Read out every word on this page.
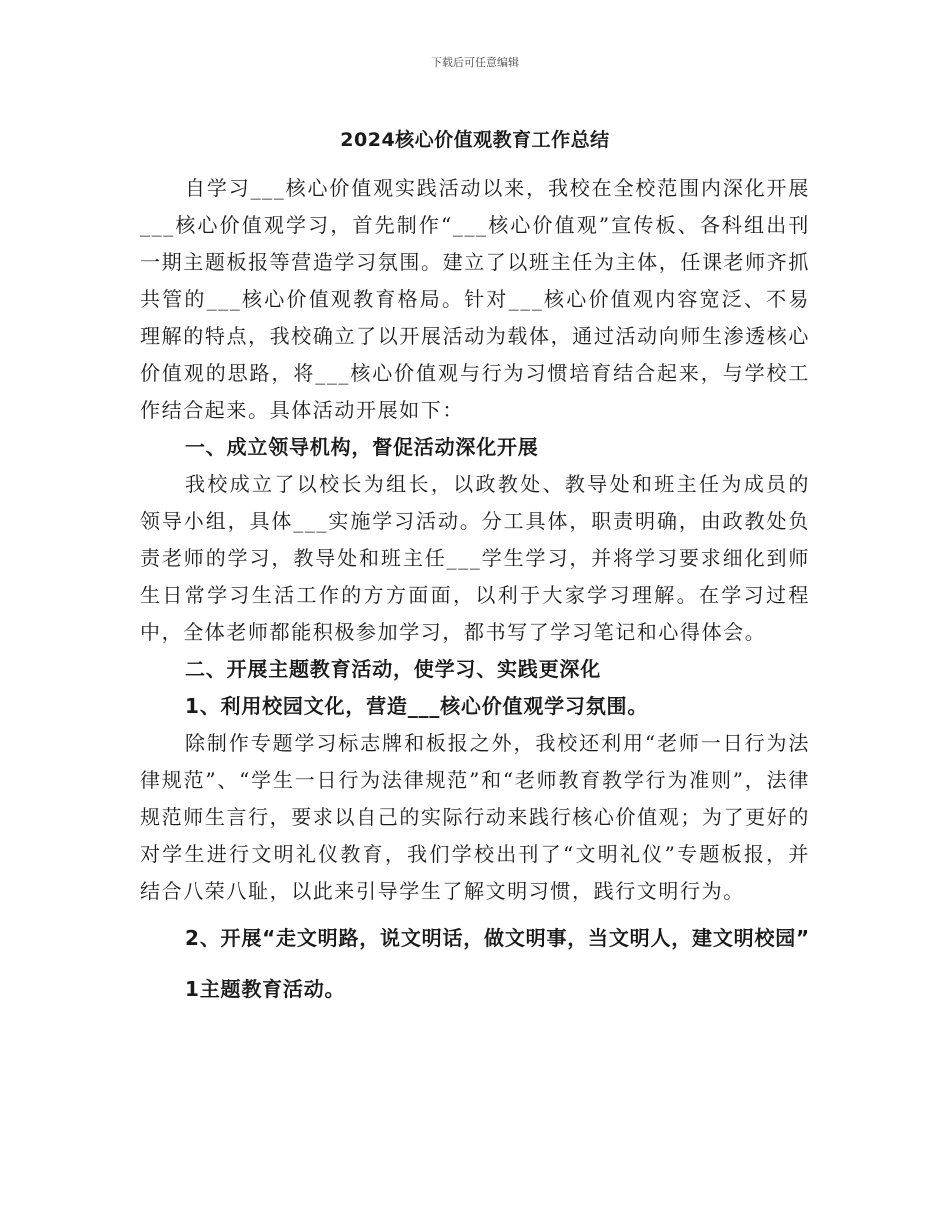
下载后可任意编辑
2024核心价值观教育工作总结

自学习___核心价值观实践活动以来，我校在全校范围内深化开展___核心价值观学习，首先制作“___核心价值观”宣传板、各科组出刊一期主题板报等营造学习氛围。建立了以班主任为主体，任课老师齐抓共管的___核心价值观教育格局。针对___核心价值观内容宽泛、不易理解的特点，我校确立了以开展活动为载体，通过活动向师生渗透核心价值观的思路，将___核心价值观与行为习惯培育结合起来，与学校工作结合起来。具体活动开展如下：

一、成立领导机构，督促活动深化开展

我校成立了以校长为组长，以政教处、教导处和班主任为成员的领导小组，具体___实施学习活动。分工具体，职责明确，由政教处负责老师的学习，教导处和班主任___学生学习，并将学习要求细化到师生日常学习生活工作的方方面面，以利于大家学习理解。在学习过程中，全体老师都能积极参加学习，都书写了学习笔记和心得体会。

二、开展主题教育活动，使学习、实践更深化

1、利用校园文化，营造___核心价值观学习氛围。

除制作专题学习标志牌和板报之外，我校还利用“老师一日行为法律规范”、“学生一日行为法律规范”和“老师教育教学行为准则”，法律规范师生言行，要求以自己的实际行动来践行核心价值观；为了更好的对学生进行文明礼仪教育，我们学校出刊了“文明礼仪”专题板报，并结合八荣八耻，以此来引导学生了解文明习惯，践行文明行为。

2、开展“走文明路，说文明话，做文明事，当文明人，建文明校园”

1主题教育活动。
